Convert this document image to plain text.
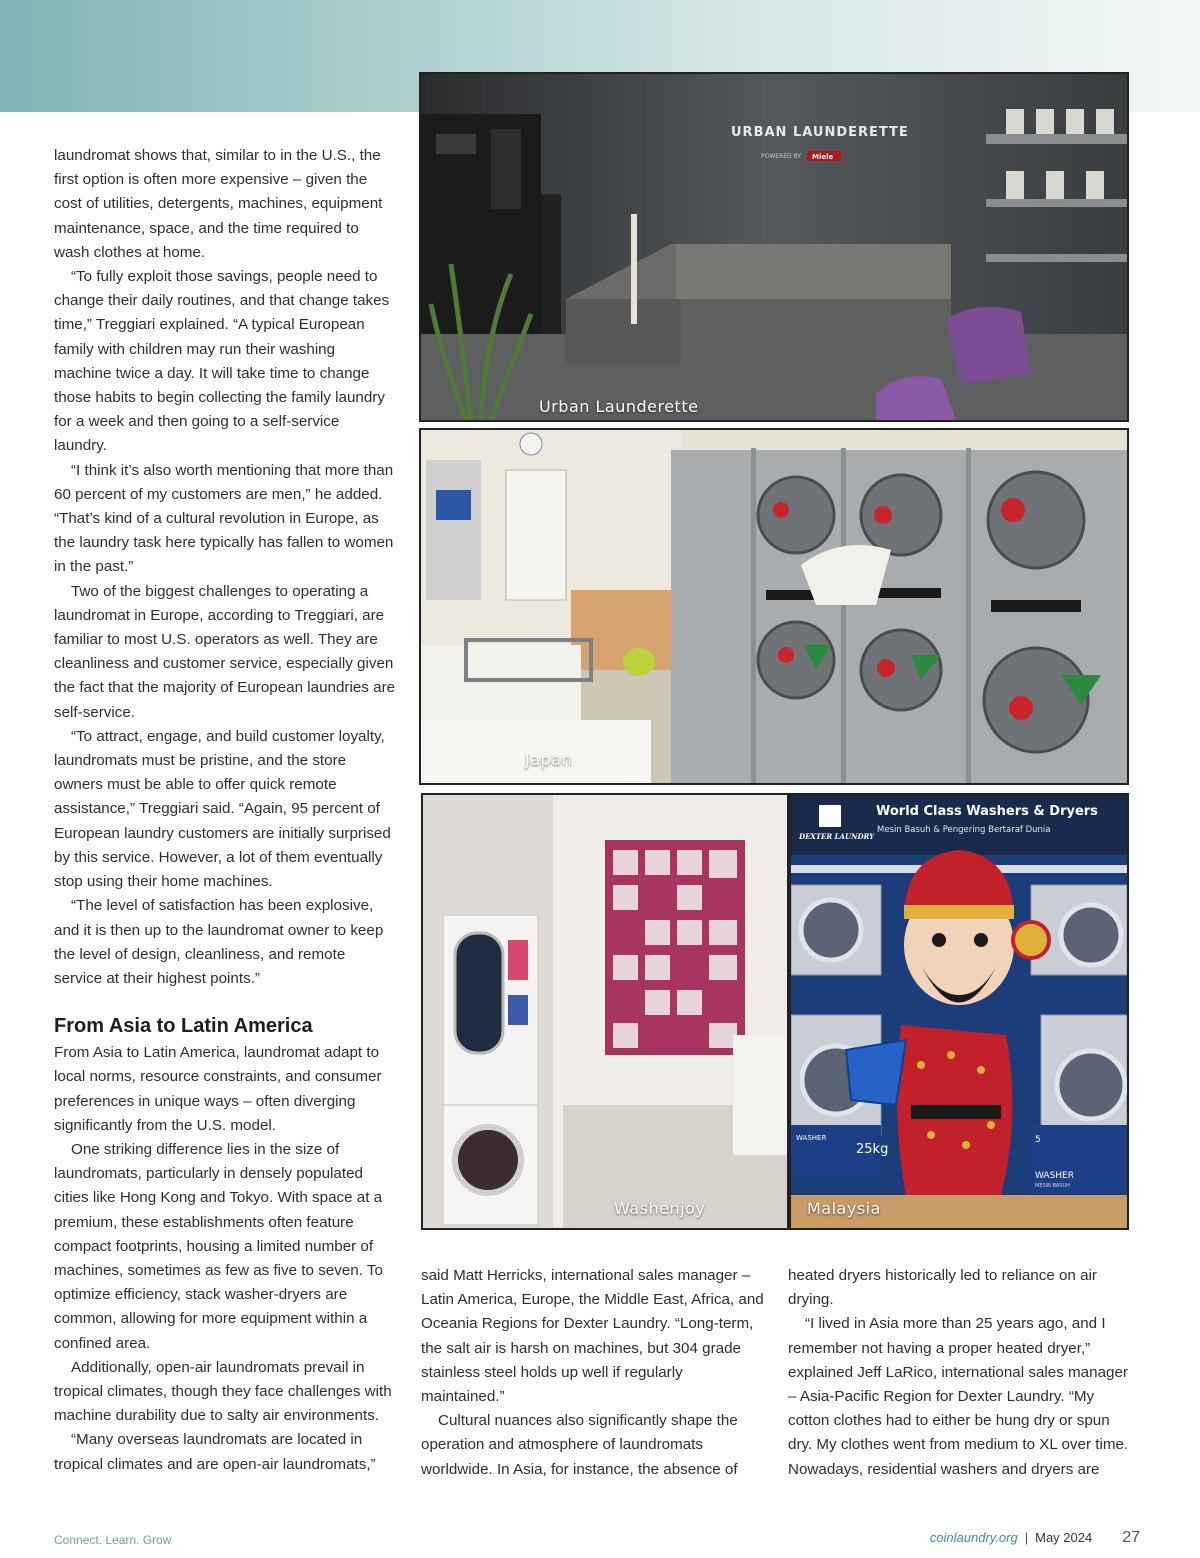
laundromat shows that, similar to in the U.S., the first option is often more expensive – given the cost of utilities, detergents, machines, equipment maintenance, space, and the time required to wash clothes at home.

“To fully exploit those savings, people need to change their daily routines, and that change takes time,” Treggiari explained. “A typical European family with children may run their washing machine twice a day. It will take time to change those habits to begin collecting the family laundry for a week and then going to a self-service laundry.

“I think it’s also worth mentioning that more than 60 percent of my customers are men,” he added. “That’s kind of a cultural revolution in Europe, as the laundry task here typically has fallen to women in the past.”

Two of the biggest challenges to operating a laundromat in Europe, according to Treggiari, are familiar to most U.S. operators as well. They are cleanliness and customer service, especially given the fact that the majority of European laundries are self-service.

“To attract, engage, and build customer loyalty, laundromats must be pristine, and the store owners must be able to offer quick remote assistance,” Treggiari said. “Again, 95 percent of European laundry customers are initially surprised by this service. However, a lot of them eventually stop using their home machines.

“The level of satisfaction has been explosive, and it is then up to the laundromat owner to keep the level of design, cleanliness, and remote service at their highest points.”

From Asia to Latin America

From Asia to Latin America, laundromat adapt to local norms, resource constraints, and consumer preferences in unique ways – often diverging significantly from the U.S. model.

One striking difference lies in the size of laundromats, particularly in densely populated cities like Hong Kong and Tokyo. With space at a premium, these establishments often feature compact footprints, housing a limited number of machines, sometimes as few as five to seven. To optimize efficiency, stack washer-dryers are common, allowing for more equipment within a confined area.

Additionally, open-air laundromats prevail in tropical climates, though they face challenges with machine durability due to salty air environments.

“Many overseas laundromats are located in tropical climates and are open-air laundromats,”

URBAN LAUNDERETTE
POWERED BY Miele
Urban Launderette
Japan
Washenjoy
World Class Washers & Dryers
Mesin Basuh & Pengering Bertaraf Dunia
DEXTER LAUNDRY
WASHER
25kg
5
WASHER
MESIN BASUH
Malaysia

said Matt Herricks, international sales manager – Latin America, Europe, the Middle East, Africa, and Oceania Regions for Dexter Laundry. “Long-term, the salt air is harsh on machines, but 304 grade stainless steel holds up well if regularly maintained.”

Cultural nuances also significantly shape the operation and atmosphere of laundromats worldwide. In Asia, for instance, the absence of

heated dryers historically led to reliance on air drying.

“I lived in Asia more than 25 years ago, and I remember not having a proper heated dryer,” explained Jeff LaRico, international sales manager – Asia-Pacific Region for Dexter Laundry. “My cotton clothes had to either be hung dry or spun dry. My clothes went from medium to XL over time. Nowadays, residential washers and dryers are

Connect. Learn. Grow	coinlaundry.org | May 2024 27
